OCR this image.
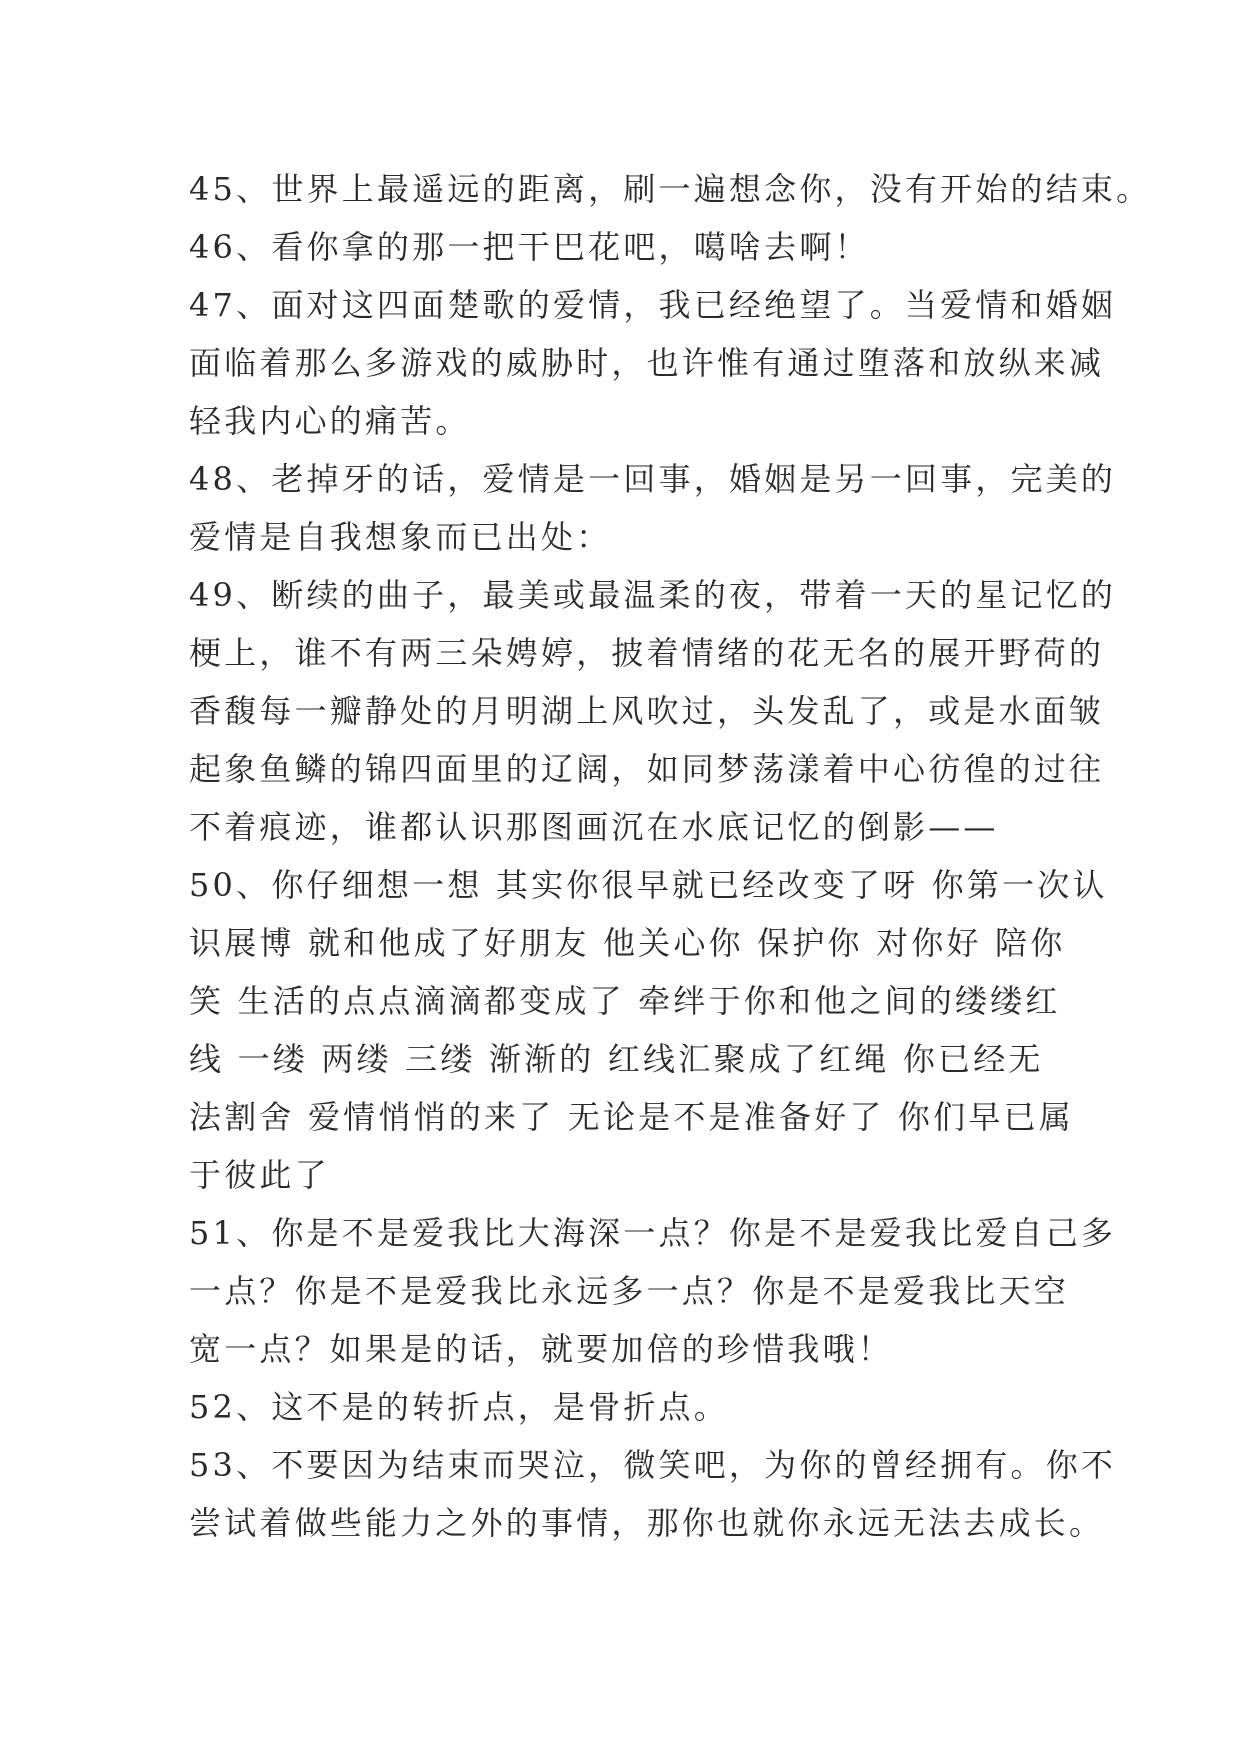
45、世界上最遥远的距离，刷一遍想念你，没有开始的结束。
46、看你拿的那一把干巴花吧，噶啥去啊！
47、面对这四面楚歌的爱情，我已经绝望了。当爱情和婚姻
面临着那么多游戏的威胁时，也许惟有通过堕落和放纵来减
轻我内心的痛苦。
48、老掉牙的话，爱情是一回事，婚姻是另一回事，完美的
爱情是自我想象而已出处：
49、断续的曲子，最美或最温柔的夜，带着一天的星记忆的
梗上，谁不有两三朵娉婷，披着情绪的花无名的展开野荷的
香馥每一瓣静处的月明湖上风吹过，头发乱了，或是水面皱
起象鱼鳞的锦四面里的辽阔，如同梦荡漾着中心彷徨的过往
不着痕迹，谁都认识那图画沉在水底记忆的倒影——
50、你仔细想一想 其实你很早就已经改变了呀 你第一次认
识展博 就和他成了好朋友 他关心你 保护你 对你好 陪你
笑 生活的点点滴滴都变成了 牵绊于你和他之间的缕缕红
线 一缕 两缕 三缕 渐渐的 红线汇聚成了红绳 你已经无
法割舍 爱情悄悄的来了 无论是不是准备好了 你们早已属
于彼此了
51、你是不是爱我比大海深一点？你是不是爱我比爱自己多
一点？你是不是爱我比永远多一点？你是不是爱我比天空
宽一点？如果是的话，就要加倍的珍惜我哦！
52、这不是的转折点，是骨折点。
53、不要因为结束而哭泣，微笑吧，为你的曾经拥有。你不
尝试着做些能力之外的事情，那你也就你永远无法去成长。
